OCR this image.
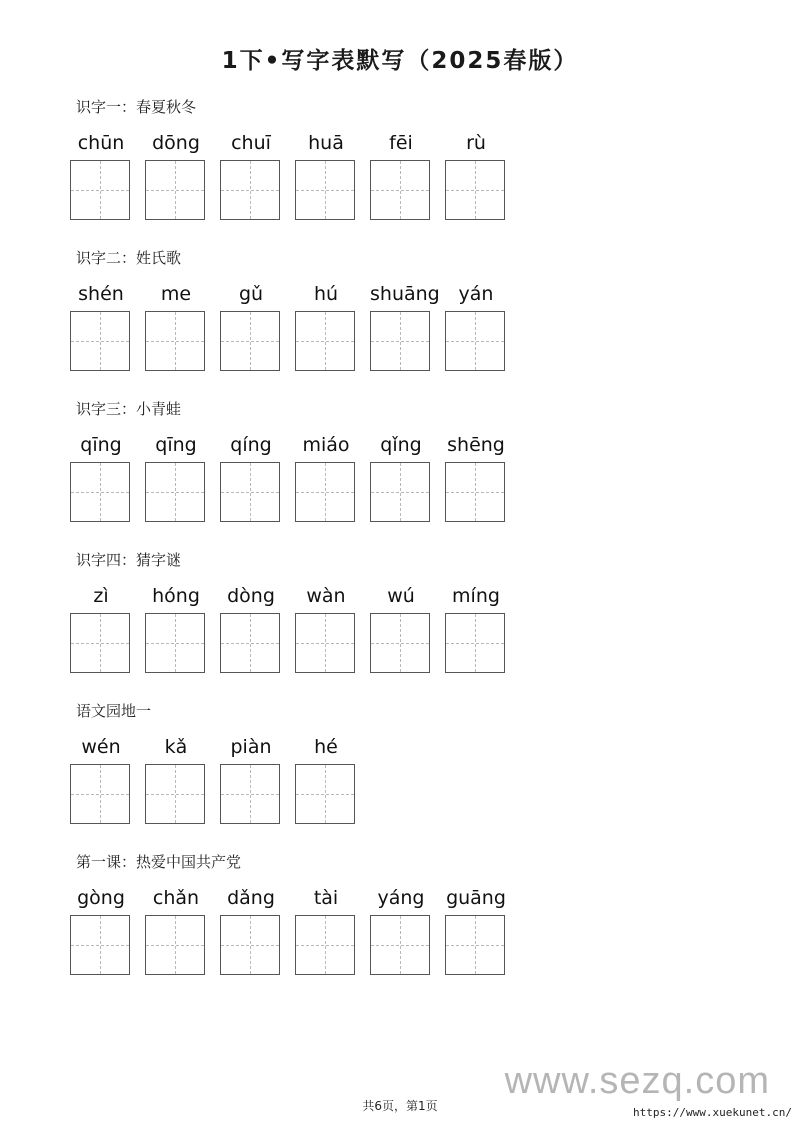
1下•写字表默写（2025春版）
识字一：春夏秋冬
chūn	dōng	chuī	huā	fēi	rù
识字二：姓氏歌
shén	me	gǔ	hú	shuāng yán
识字三：小青蛙
qīng	qīng	qíng	miáo	qǐng	shēng
识字四：猜字谜
zì	hóng	dòng	wàn	wú	míng
语文园地一
wén	kǎ	piàn	hé
第一课：热爱中国共产党
gòng	chǎn	dǎng	tài	yáng	guāng
www.sezq.com
共6页，第1页	https://www.xuekunet.cn/
